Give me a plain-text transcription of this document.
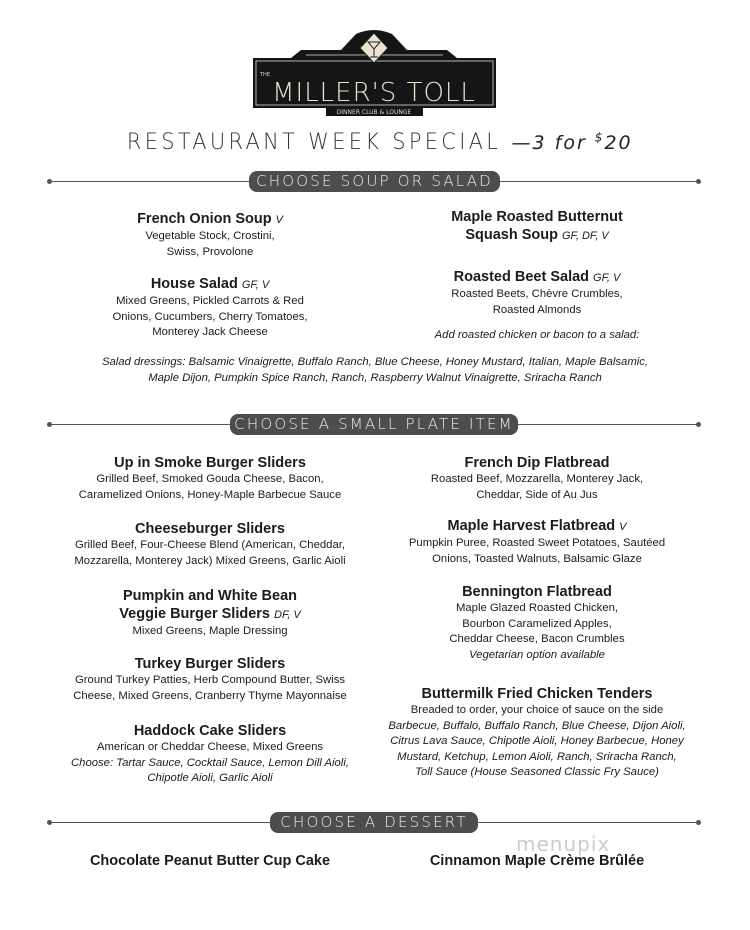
THE
MILLER'S TOLL
DINNER CLUB & LOUNGE
RESTAURANT WEEK SPECIAL —3 for $20
CHOOSE SOUP OR SALAD
French Onion Soup V
Vegetable Stock, Crostini,
Swiss, Provolone
House Salad GF, V
Mixed Greens, Pickled Carrots & Red
Onions, Cucumbers, Cherry Tomatoes,
Monterey Jack Cheese
Maple Roasted Butternut
Squash Soup GF, DF, V
Roasted Beet Salad GF, V
Roasted Beets, Chèvre Crumbles,
Roasted Almonds
Add roasted chicken or bacon to a salad:
Salad dressings: Balsamic Vinaigrette, Buffalo Ranch, Blue Cheese, Honey Mustard, Italian, Maple Balsamic,
Maple Dijon, Pumpkin Spice Ranch, Ranch, Raspberry Walnut Vinaigrette, Sriracha Ranch
CHOOSE A SMALL PLATE ITEM
Up in Smoke Burger Sliders
Grilled Beef, Smoked Gouda Cheese, Bacon,
Caramelized Onions, Honey-Maple Barbecue Sauce
Cheeseburger Sliders
Grilled Beef, Four-Cheese Blend (American, Cheddar,
Mozzarella, Monterey Jack) Mixed Greens, Garlic Aioli
Pumpkin and White Bean
Veggie Burger Sliders DF, V
Mixed Greens, Maple Dressing
Turkey Burger Sliders
Ground Turkey Patties, Herb Compound Butter, Swiss
Cheese, Mixed Greens, Cranberry Thyme Mayonnaise
Haddock Cake Sliders
American or Cheddar Cheese, Mixed Greens
Choose: Tartar Sauce, Cocktail Sauce, Lemon Dill Aioli,
Chipotle Aioli, Garlic Aioli
French Dip Flatbread
Roasted Beef, Mozzarella, Monterey Jack,
Cheddar, Side of Au Jus
Maple Harvest Flatbread V
Pumpkin Puree, Roasted Sweet Potatoes, Sautéed
Onions, Toasted Walnuts, Balsamic Glaze
Bennington Flatbread
Maple Glazed Roasted Chicken,
Bourbon Caramelized Apples,
Cheddar Cheese, Bacon Crumbles
Vegetarian option available
Buttermilk Fried Chicken Tenders
Breaded to order, your choice of sauce on the side
Barbecue, Buffalo, Buffalo Ranch, Blue Cheese, Dijon Aioli,
Citrus Lava Sauce, Chipotle Aioli, Honey Barbecue, Honey
Mustard, Ketchup, Lemon Aioli, Ranch, Sriracha Ranch,
Toll Sauce (House Seasoned Classic Fry Sauce)
CHOOSE A DESSERT
Chocolate Peanut Butter Cup Cake	Cinnamon Maple Crème Brûlée
menupix
